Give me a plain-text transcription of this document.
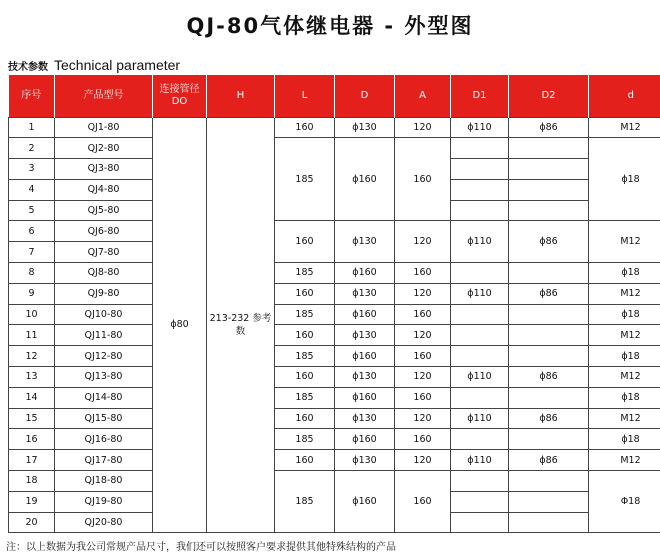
QJ-80气体继电器 - 外型图
技术参数 Technical parameter
序号	产品型号	连接管径DO	H	L	D	A	D1	D2	d
1	QJ1-80	ϕ80	213-232 参考数	160	ϕ130	120	ϕ110	ϕ86	M12
2	QJ2-80			185	ϕ160	160			ϕ18
3	QJ3-80								
4	QJ4-80								
5	QJ5-80								
6	QJ6-80			160	ϕ130	120	ϕ110	ϕ86	M12
7	QJ7-80								
8	QJ8-80			185	ϕ160	160			ϕ18
9	QJ9-80			160	ϕ130	120	ϕ110	ϕ86	M12
10	QJ10-80			185	ϕ160	160			ϕ18
11	QJ11-80			160	ϕ130	120			M12
12	QJ12-80			185	ϕ160	160			ϕ18
13	QJ13-80			160	ϕ130	120	ϕ110	ϕ86	M12
14	QJ14-80			185	ϕ160	160			ϕ18
15	QJ15-80			160	ϕ130	120	ϕ110	ϕ86	M12
16	QJ16-80			185	ϕ160	160			ϕ18
17	QJ17-80			160	ϕ130	120	ϕ110	ϕ86	M12
18	QJ18-80			185	ϕ160	160			Φ18
19	QJ19-80								
20	QJ20-80								
注：以上数据为我公司常规产品尺寸，我们还可以按照客户要求提供其他特殊结构的产品
